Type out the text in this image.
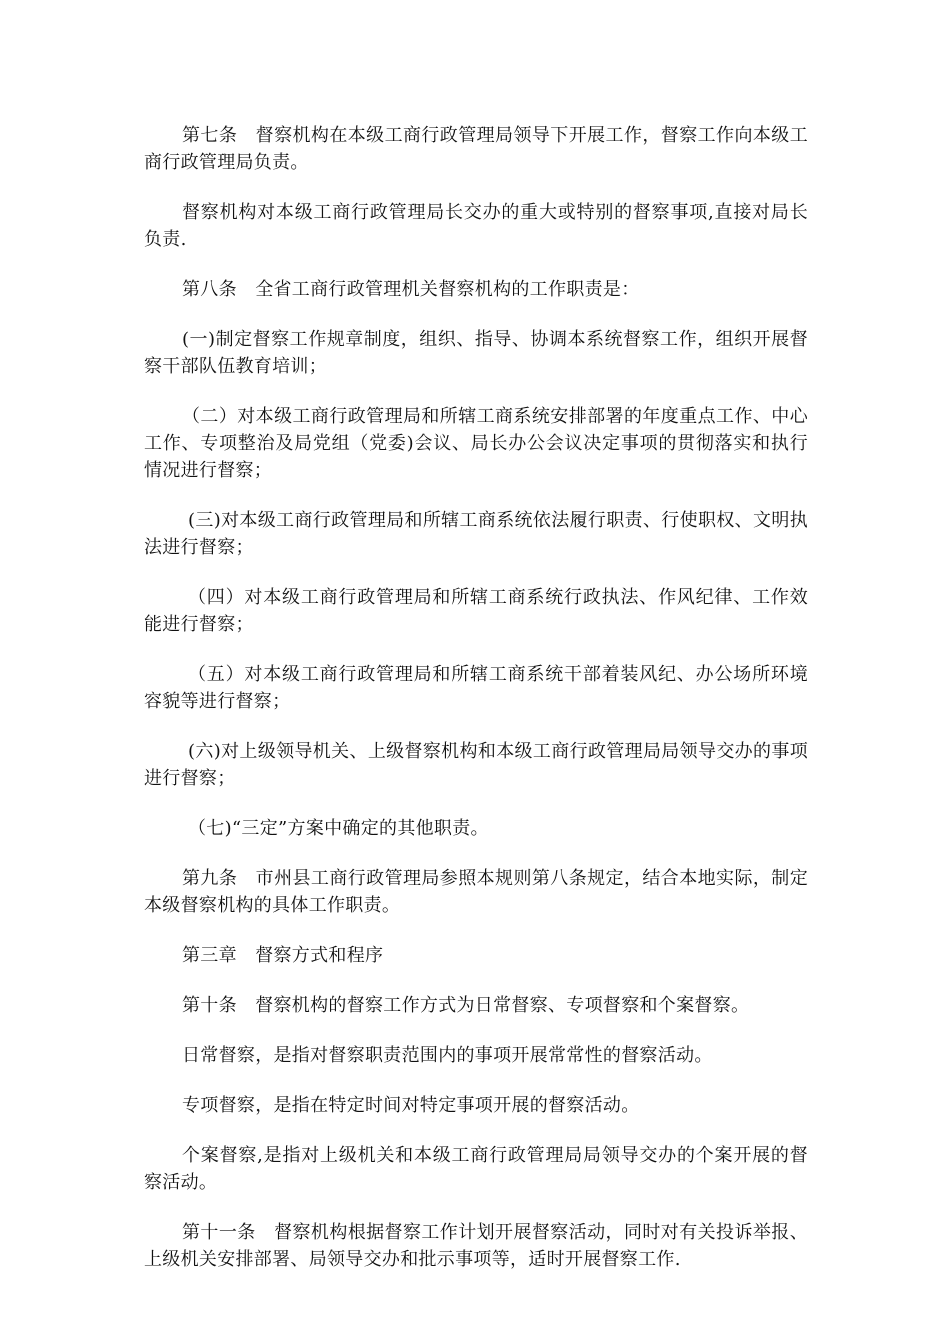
第七条　督察机构在本级工商行政管理局领导下开展工作，督察工作向本级工商行政管理局负责。

督察机构对本级工商行政管理局长交办的重大或特别的督察事项,直接对局长负责.

第八条　全省工商行政管理机关督察机构的工作职责是：

(一)制定督察工作规章制度，组织、指导、协调本系统督察工作，组织开展督察干部队伍教育培训；

（二）对本级工商行政管理局和所辖工商系统安排部署的年度重点工作、中心工作、专项整治及局党组（党委)会议、局长办公会议决定事项的贯彻落实和执行情况进行督察；

(三)对本级工商行政管理局和所辖工商系统依法履行职责、行使职权、文明执法进行督察；

（四）对本级工商行政管理局和所辖工商系统行政执法、作风纪律、工作效能进行督察；

（五）对本级工商行政管理局和所辖工商系统干部着装风纪、办公场所环境容貌等进行督察；

(六)对上级领导机关、上级督察机构和本级工商行政管理局局领导交办的事项进行督察；

（七)“三定”方案中确定的其他职责。

第九条　市州县工商行政管理局参照本规则第八条规定，结合本地实际，制定本级督察机构的具体工作职责。

第三章　督察方式和程序

第十条　督察机构的督察工作方式为日常督察、专项督察和个案督察。

日常督察，是指对督察职责范围内的事项开展常常性的督察活动。

专项督察，是指在特定时间对特定事项开展的督察活动。

个案督察,是指对上级机关和本级工商行政管理局局领导交办的个案开展的督察活动。

第十一条　督察机构根据督察工作计划开展督察活动，同时对有关投诉举报、上级机关安排部署、局领导交办和批示事项等，适时开展督察工作.
